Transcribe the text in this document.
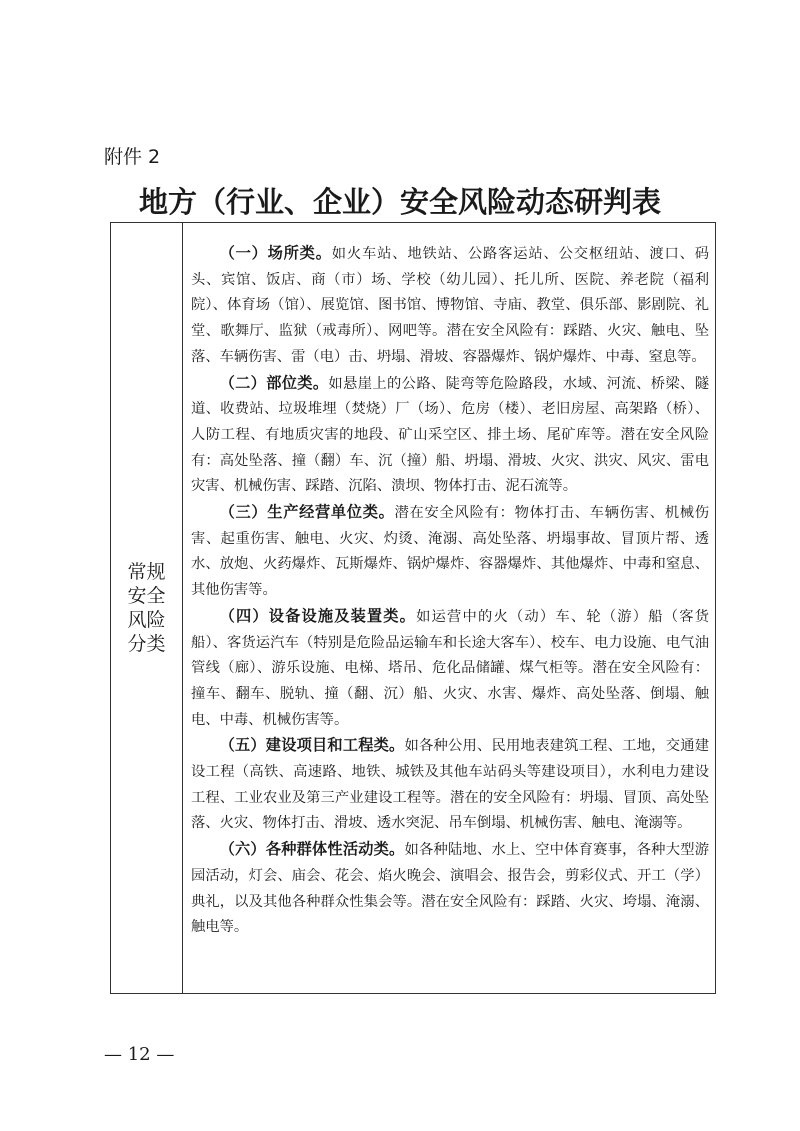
附件 2
地方（行业、企业）安全风险动态研判表
常规安全风险分类

（一）场所类。如火车站、地铁站、公路客运站、公交枢纽站、渡口、码头、宾馆、饭店、商（市）场、学校（幼儿园）、托儿所、医院、养老院（福利院）、体育场（馆）、展览馆、图书馆、博物馆、寺庙、教堂、俱乐部、影剧院、礼堂、歌舞厅、监狱（戒毒所）、网吧等。潜在安全风险有：踩踏、火灾、触电、坠落、车辆伤害、雷（电）击、坍塌、滑坡、容器爆炸、锅炉爆炸、中毒、窒息等。

（二）部位类。如悬崖上的公路、陡弯等危险路段，水域、河流、桥梁、隧道、收费站、垃圾堆埋（焚烧）厂（场）、危房（楼）、老旧房屋、高架路（桥）、人防工程、有地质灾害的地段、矿山采空区、排土场、尾矿库等。潜在安全风险有：高处坠落、撞（翻）车、沉（撞）船、坍塌、滑坡、火灾、洪灾、风灾、雷电灾害、机械伤害、踩踏、沉陷、溃坝、物体打击、泥石流等。

（三）生产经营单位类。潜在安全风险有：物体打击、车辆伤害、机械伤害、起重伤害、触电、火灾、灼烫、淹溺、高处坠落、坍塌事故、冒顶片帮、透水、放炮、火药爆炸、瓦斯爆炸、锅炉爆炸、容器爆炸、其他爆炸、中毒和窒息、其他伤害等。

（四）设备设施及装置类。如运营中的火（动）车、轮（游）船（客货船）、客货运汽车（特别是危险品运输车和长途大客车）、校车、电力设施、电气油管线（廊）、游乐设施、电梯、塔吊、危化品储罐、煤气柜等。潜在安全风险有：撞车、翻车、脱轨、撞（翻、沉）船、火灾、水害、爆炸、高处坠落、倒塌、触电、中毒、机械伤害等。

（五）建设项目和工程类。如各种公用、民用地表建筑工程、工地，交通建设工程（高铁、高速路、地铁、城铁及其他车站码头等建设项目），水利电力建设工程、工业农业及第三产业建设工程等。潜在的安全风险有：坍塌、冒顶、高处坠落、火灾、物体打击、滑坡、透水突泥、吊车倒塌、机械伤害、触电、淹溺等。

（六）各种群体性活动类。如各种陆地、水上、空中体育赛事，各种大型游园活动，灯会、庙会、花会、焰火晚会、演唱会、报告会，剪彩仪式、开工（学）典礼，以及其他各种群众性集会等。潜在安全风险有：踩踏、火灾、垮塌、淹溺、触电等。

— 12 —
